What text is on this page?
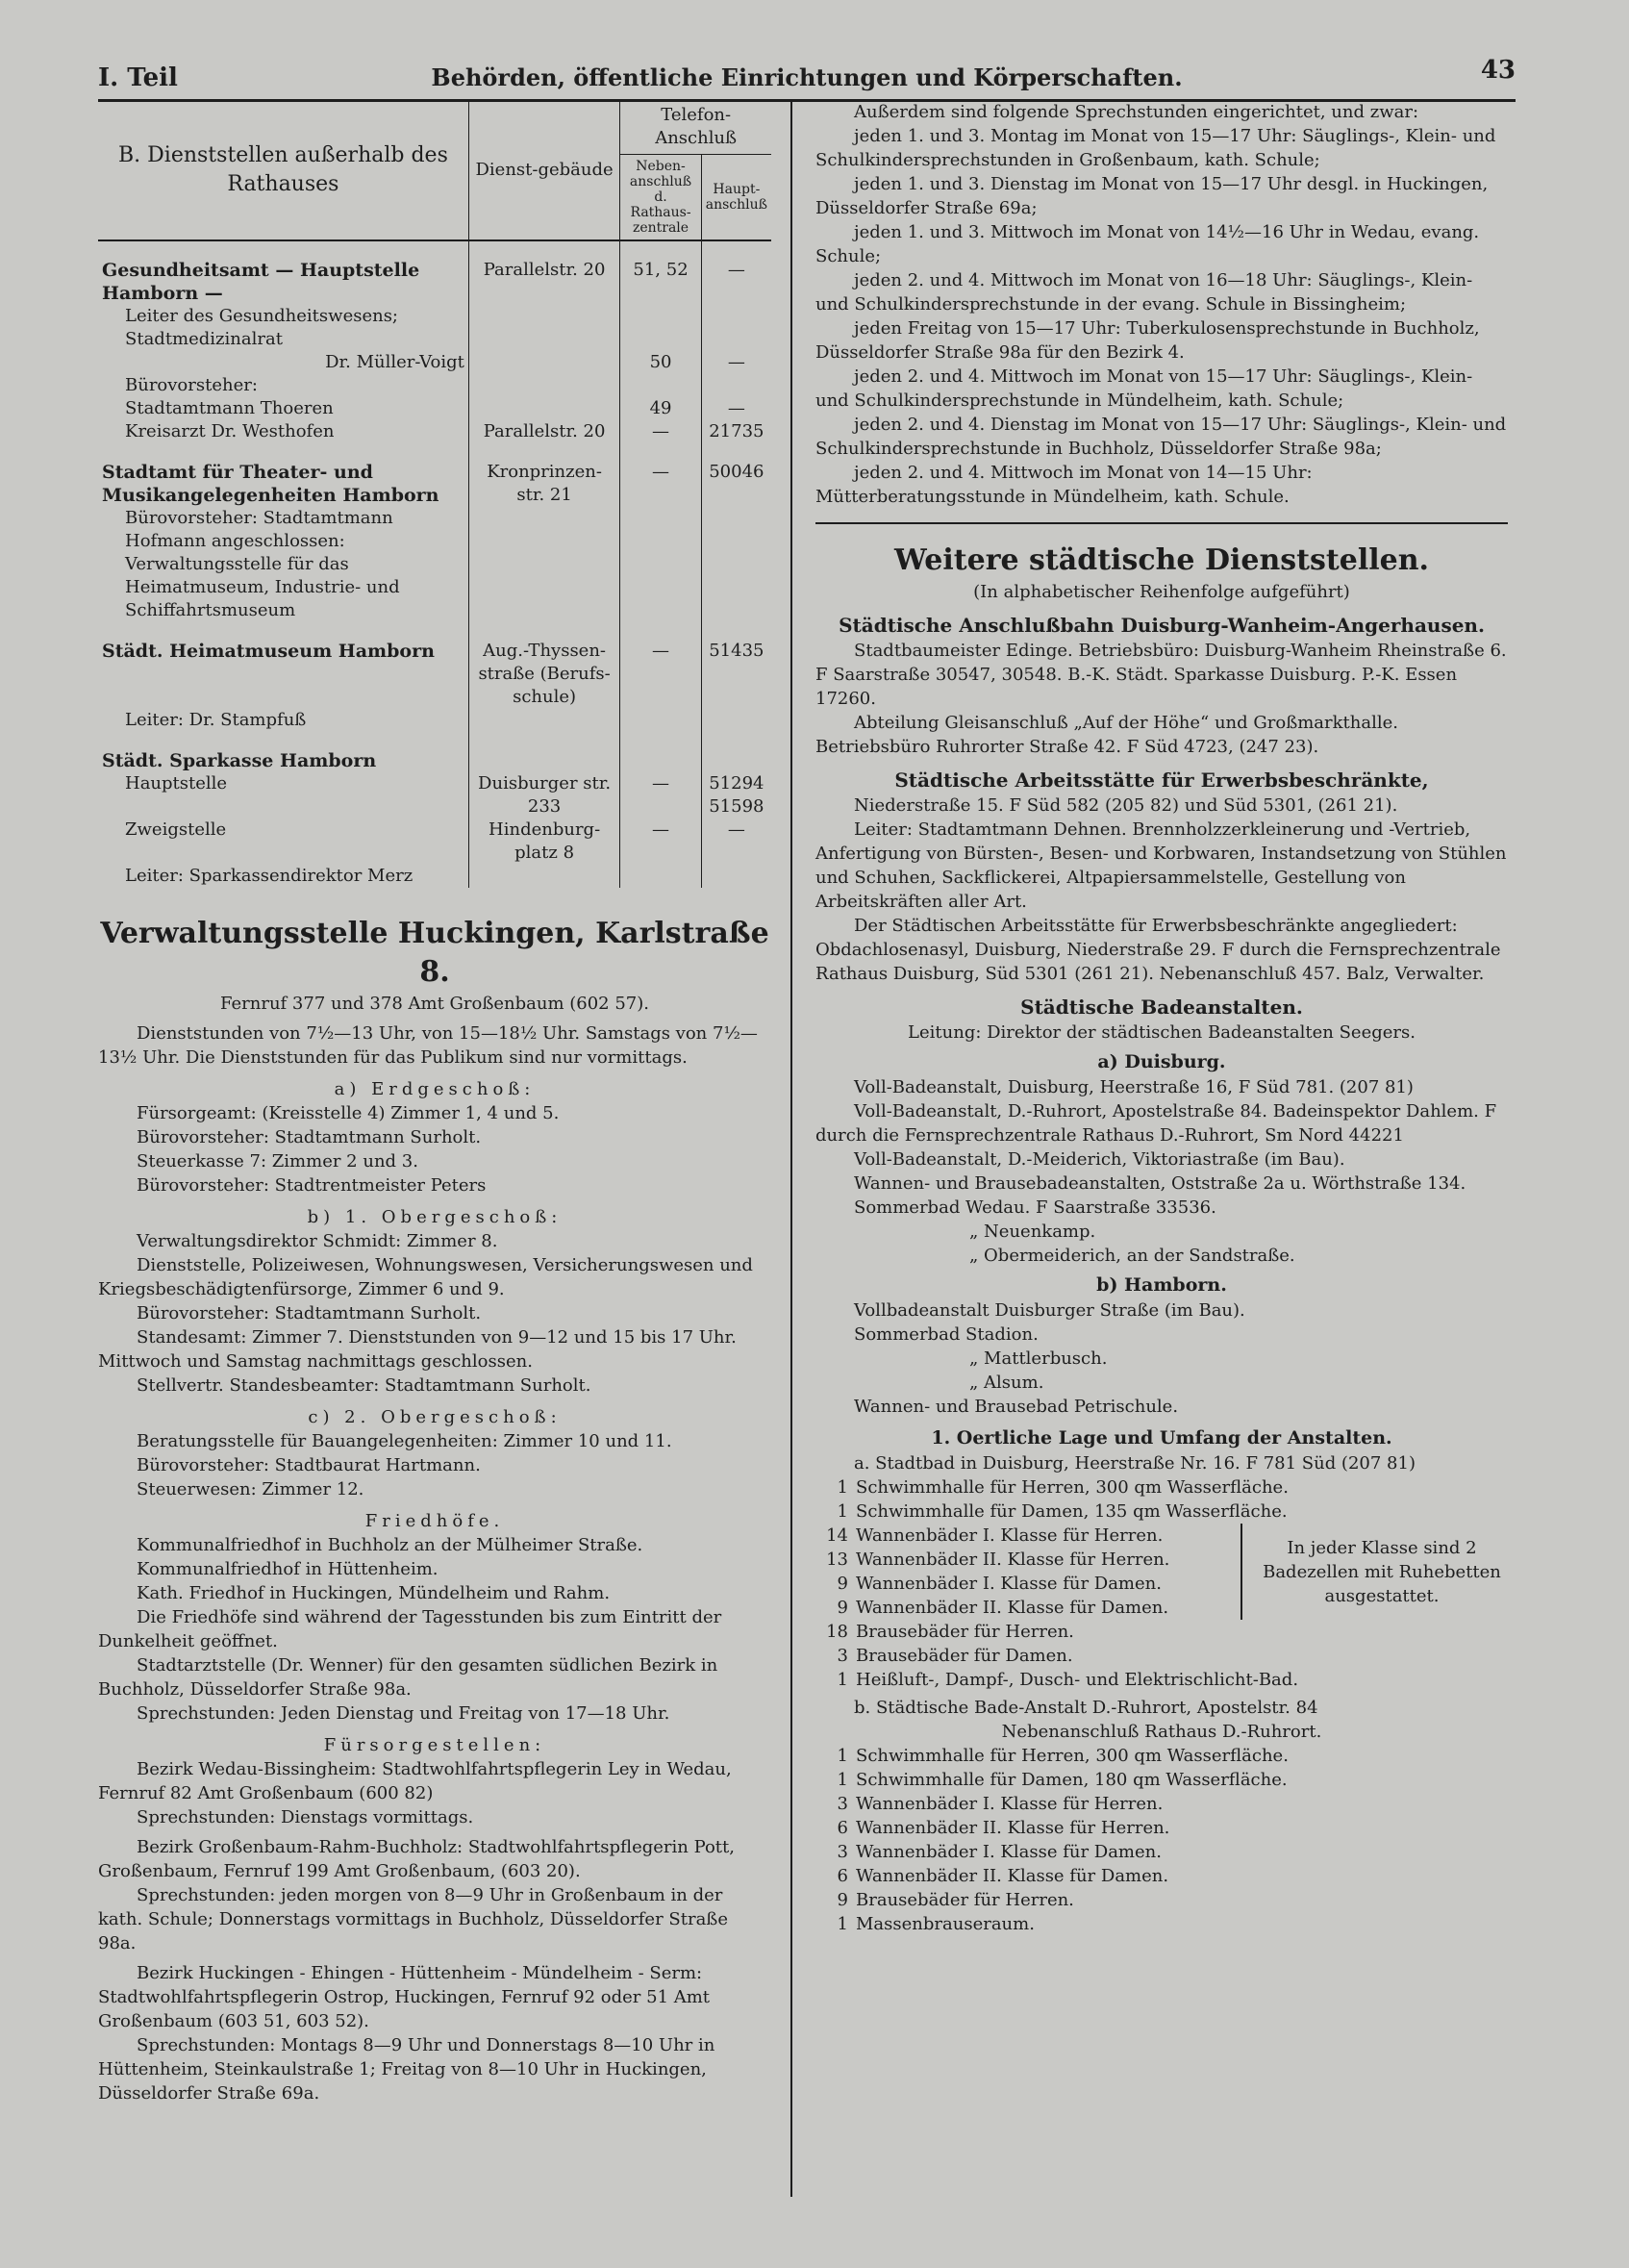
I. Teil	Behörden, öffentliche Einrichtungen und Körperschaften.	43
B. Dienststellen außerhalb des Rathauses	Dienst-gebäude	Telefon-Anschluß	
		Neben-anschluß d. Rathaus-zentrale	Haupt-anschluß
Gesundheitsamt — Hauptstelle Hamborn —	Parallelstr. 20	51, 52	—
Leiter des Gesundheitswesens; Stadtmedizinalrat			
Dr. Müller-Voigt		50	—
Bürovorsteher:			
Stadtamtmann Thoeren		49	—
Kreisarzt Dr. Westhofen	Parallelstr. 20	—	21735
Stadtamt für Theater- und Musikangelegenheiten Hamborn	Kronprinzen-str. 21	—	50046
Bürovorsteher: Stadtamtmann Hofmann angeschlossen: Verwaltungsstelle für das Heimatmuseum, Industrie- und Schiffahrtsmuseum			
Städt. Heimatmuseum Hamborn	Aug.-Thyssen-straße (Berufs-schule)	—	51435
Leiter: Dr. Stampfuß			
Städt. Sparkasse Hamborn			
Hauptstelle	Duisburger str. 233	—	51294 51598
Zweigstelle	Hindenburg-platz 8	—	—
Leiter: Sparkassendirektor Merz			
Verwaltungsstelle Huckingen, Karlstraße 8.
Fernruf 377 und 378 Amt Großenbaum (602 57).

Dienststunden von 7½—13 Uhr, von 15—18½ Uhr. Samstags von 7½—13½ Uhr. Die Dienststunden für das Publikum sind nur vormittags.

a) Erdgeschoß:

Fürsorgeamt: (Kreisstelle 4) Zimmer 1, 4 und 5.

Bürovorsteher: Stadtamtmann Surholt.

Steuerkasse 7: Zimmer 2 und 3.

Bürovorsteher: Stadtrentmeister Peters

b) 1. Obergeschoß:

Verwaltungsdirektor Schmidt: Zimmer 8.

Dienststelle, Polizeiwesen, Wohnungswesen, Versicherungswesen und Kriegsbeschädigtenfürsorge, Zimmer 6 und 9.

Bürovorsteher: Stadtamtmann Surholt.

Standesamt: Zimmer 7. Dienststunden von 9—12 und 15 bis 17 Uhr. Mittwoch und Samstag nachmittags geschlossen.

Stellvertr. Standesbeamter: Stadtamtmann Surholt.

c) 2. Obergeschoß:

Beratungsstelle für Bauangelegenheiten: Zimmer 10 und 11.

Bürovorsteher: Stadtbaurat Hartmann.

Steuerwesen: Zimmer 12.

Friedhöfe.

Kommunalfriedhof in Buchholz an der Mülheimer Straße.

Kommunalfriedhof in Hüttenheim.

Kath. Friedhof in Huckingen, Mündelheim und Rahm.

Die Friedhöfe sind während der Tagesstunden bis zum Eintritt der Dunkelheit geöffnet.

Stadtarztstelle (Dr. Wenner) für den gesamten südlichen Bezirk in Buchholz, Düsseldorfer Straße 98a.

Sprechstunden: Jeden Dienstag und Freitag von 17—18 Uhr.

Fürsorgestellen:

Bezirk Wedau-Bissingheim: Stadtwohlfahrtspflegerin Ley in Wedau, Fernruf 82 Amt Großenbaum (600 82)

Sprechstunden: Dienstags vormittags.

Bezirk Großenbaum-Rahm-Buchholz: Stadtwohlfahrtspflegerin Pott, Großenbaum, Fernruf 199 Amt Großenbaum, (603 20).

Sprechstunden: jeden morgen von 8—9 Uhr in Großenbaum in der kath. Schule; Donnerstags vormittags in Buchholz, Düsseldorfer Straße 98a.

Bezirk Huckingen - Ehingen - Hüttenheim - Mündelheim - Serm: Stadtwohlfahrtspflegerin Ostrop, Huckingen, Fernruf 92 oder 51 Amt Großenbaum (603 51, 603 52).

Sprechstunden: Montags 8—9 Uhr und Donnerstags 8—10 Uhr in Hüttenheim, Steinkaulstraße 1; Freitag von 8—10 Uhr in Huckingen, Düsseldorfer Straße 69a.

Außerdem sind folgende Sprechstunden eingerichtet, und zwar:

jeden 1. und 3. Montag im Monat von 15—17 Uhr: Säuglings-, Klein- und Schulkindersprechstunden in Großenbaum, kath. Schule;

jeden 1. und 3. Dienstag im Monat von 15—17 Uhr desgl. in Huckingen, Düsseldorfer Straße 69a;

jeden 1. und 3. Mittwoch im Monat von 14½—16 Uhr in Wedau, evang. Schule;

jeden 2. und 4. Mittwoch im Monat von 16—18 Uhr: Säuglings-, Klein- und Schulkindersprechstunde in der evang. Schule in Bissingheim;

jeden Freitag von 15—17 Uhr: Tuberkulosensprechstunde in Buchholz, Düsseldorfer Straße 98a für den Bezirk 4.

jeden 2. und 4. Mittwoch im Monat von 15—17 Uhr: Säuglings-, Klein- und Schulkindersprechstunde in Mündelheim, kath. Schule;

jeden 2. und 4. Dienstag im Monat von 15—17 Uhr: Säuglings-, Klein- und Schulkindersprechstunde in Buchholz, Düsseldorfer Straße 98a;

jeden 2. und 4. Mittwoch im Monat von 14—15 Uhr: Mütterberatungsstunde in Mündelheim, kath. Schule.

Weitere städtische Dienststellen.
(In alphabetischer Reihenfolge aufgeführt)
Städtische Anschlußbahn Duisburg-Wanheim-Angerhausen.

Stadtbaumeister Edinge. Betriebsbüro: Duisburg-Wanheim Rheinstraße 6. F Saarstraße 30547, 30548. B.-K. Städt. Sparkasse Duisburg. P.-K. Essen 17260.

Abteilung Gleisanschluß „Auf der Höhe“ und Großmarkthalle. Betriebsbüro Ruhrorter Straße 42. F Süd 4723, (247 23).

Städtische Arbeitsstätte für Erwerbsbeschränkte,

Niederstraße 15. F Süd 582 (205 82) und Süd 5301, (261 21).

Leiter: Stadtamtmann Dehnen. Brennholzzerkleinerung und -Vertrieb, Anfertigung von Bürsten-, Besen- und Korbwaren, Instandsetzung von Stühlen und Schuhen, Sackflickerei, Altpapiersammelstelle, Gestellung von Arbeitskräften aller Art.

Der Städtischen Arbeitsstätte für Erwerbsbeschränkte angegliedert: Obdachlosenasyl, Duisburg, Niederstraße 29. F durch die Fernsprechzentrale Rathaus Duisburg, Süd 5301 (261 21). Nebenanschluß 457. Balz, Verwalter.

Städtische Badeanstalten.
Leitung: Direktor der städtischen Badeanstalten Seegers.
a) Duisburg.

Voll-Badeanstalt, Duisburg, Heerstraße 16, F Süd 781. (207 81)

Voll-Badeanstalt, D.-Ruhrort, Apostelstraße 84. Badeinspektor Dahlem. F durch die Fernsprechzentrale Rathaus D.-Ruhrort, Sm Nord 44221

Voll-Badeanstalt, D.-Meiderich, Viktoriastraße (im Bau).

Wannen- und Brausebadeanstalten, Oststraße 2a u. Wörthstraße 134.

Sommerbad Wedau. F Saarstraße 33536.

„ Neuenkamp.

„ Obermeiderich, an der Sandstraße.

b) Hamborn.

Vollbadeanstalt Duisburger Straße (im Bau).

Sommerbad Stadion.

„ Mattlerbusch.

„ Alsum.

Wannen- und Brausebad Petrischule.

1. Oertliche Lage und Umfang der Anstalten.

a. Stadtbad in Duisburg, Heerstraße Nr. 16. F 781 Süd (207 81)

1	Schwimmhalle für Herren, 300 qm Wasserfläche.	
1	Schwimmhalle für Damen, 135 qm Wasserfläche.	
14	Wannenbäder I. Klasse für Herren.	In jeder Klasse sind 2 Badezellen mit Ruhebetten ausgestattet.
13	Wannenbäder II. Klasse für Herren.	
9	Wannenbäder I. Klasse für Damen.	
9	Wannenbäder II. Klasse für Damen.	
18	Brausebäder für Herren.	
3	Brausebäder für Damen.	
1	Heißluft-, Dampf-, Dusch- und Elektrischlicht-Bad.	

b. Städtische Bade-Anstalt D.-Ruhrort, Apostelstr. 84

Nebenanschluß Rathaus D.-Ruhrort.
1	Schwimmhalle für Herren, 300 qm Wasserfläche.
1	Schwimmhalle für Damen, 180 qm Wasserfläche.
3	Wannenbäder I. Klasse für Herren.
6	Wannenbäder II. Klasse für Herren.
3	Wannenbäder I. Klasse für Damen.
6	Wannenbäder II. Klasse für Damen.
9	Brausebäder für Herren.
1	Massenbrauseraum.
